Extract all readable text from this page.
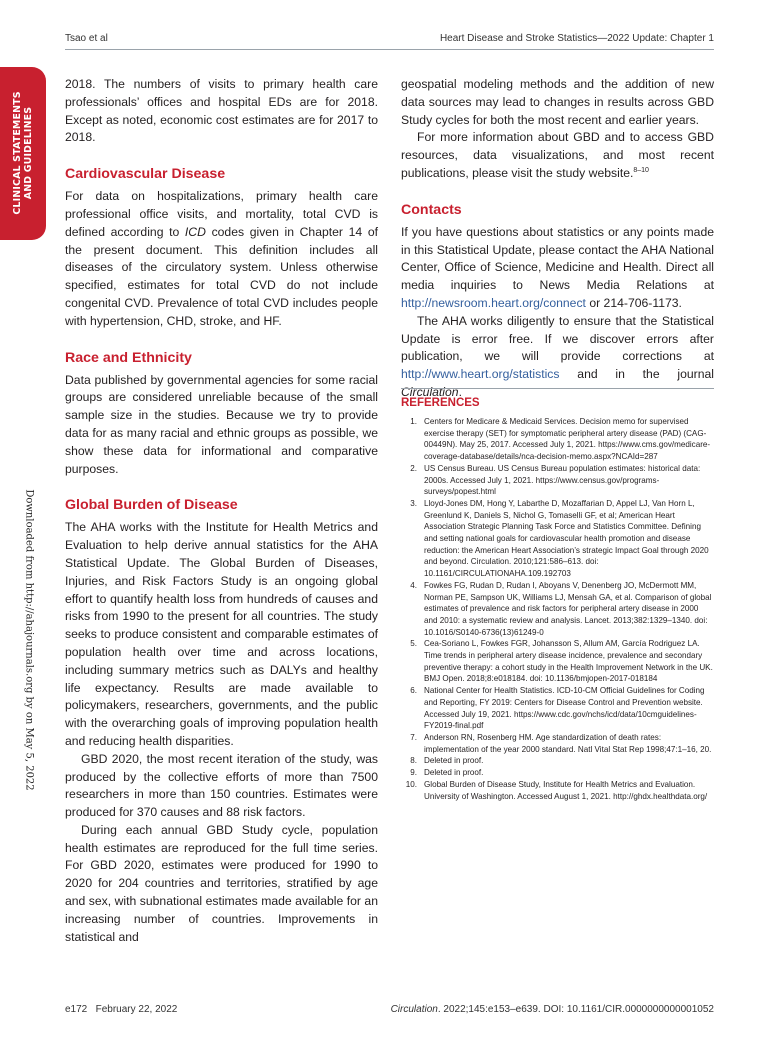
Tsao et al	Heart Disease and Stroke Statistics—2022 Update: Chapter 1
CLINICAL STATEMENTS AND GUIDELINES
Downloaded from http://ahajournals.org by on May 5, 2022

2018. The numbers of visits to primary health care professionals’ offices and hospital EDs are for 2018. Except as noted, economic cost estimates are for 2017 to 2018.

Cardiovascular Disease

For data on hospitalizations, primary health care professional office visits, and mortality, total CVD is defined according to ICD codes given in Chapter 14 of the present document. This definition includes all diseases of the circulatory system. Unless otherwise specified, estimates for total CVD do not include congenital CVD. Prevalence of total CVD includes people with hypertension, CHD, stroke, and HF.

Race and Ethnicity

Data published by governmental agencies for some racial groups are considered unreliable because of the small sample size in the studies. Because we try to provide data for as many racial and ethnic groups as possible, we show these data for informational and comparative purposes.

Global Burden of Disease

The AHA works with the Institute for Health Metrics and Evaluation to help derive annual statistics for the AHA Statistical Update. The Global Burden of Diseases, Injuries, and Risk Factors Study is an ongoing global effort to quantify health loss from hundreds of causes and risks from 1990 to the present for all countries. The study seeks to produce consistent and comparable estimates of population health over time and across locations, including summary metrics such as DALYs and healthy life expectancy. Results are made available to policymakers, researchers, governments, and the public with the overarching goals of improving population health and reducing health disparities.

GBD 2020, the most recent iteration of the study, was produced by the collective efforts of more than 7500 researchers in more than 150 countries. Estimates were produced for 370 causes and 88 risk factors.

During each annual GBD Study cycle, population health estimates are reproduced for the full time series. For GBD 2020, estimates were produced for 1990 to 2020 for 204 countries and territories, stratified by age and sex, with subnational estimates made available for an increasing number of countries. Improvements in statistical and

geospatial modeling methods and the addition of new data sources may lead to changes in results across GBD Study cycles for both the most recent and earlier years.

For more information about GBD and to access GBD resources, data visualizations, and most recent publications, please visit the study website.$^{8-10}$

Contacts

If you have questions about statistics or any points made in this Statistical Update, please contact the AHA National Center, Office of Science, Medicine and Health. Direct all media inquiries to News Media Relations at http://newsroom.heart.org/connect or 214-706-1173.

The AHA works diligently to ensure that the Statistical Update is error free. If we discover errors after publication, we will provide corrections at http://www.heart.org/statistics and in the journal Circulation.

REFERENCES
1. Centers for Medicare & Medicaid Services. Decision memo for supervised exercise therapy (SET) for symptomatic peripheral artery disease (PAD) (CAG-00449N). May 25, 2017. Accessed July 1, 2021. https://www.cms.gov/medicare-coverage-database/details/nca-decision-memo.aspx?NCAId=287
2. US Census Bureau. US Census Bureau population estimates: historical data: 2000s. Accessed July 1, 2021. https://www.census.gov/programs-surveys/popest.html
3. Lloyd-Jones DM, Hong Y, Labarthe D, Mozaffarian D, Appel LJ, Van Horn L, Greenlund K, Daniels S, Nichol G, Tomaselli GF, et al; American Heart Association Strategic Planning Task Force and Statistics Committee. Defining and setting national goals for cardiovascular health promotion and disease reduction: the American Heart Association’s strategic Impact Goal through 2020 and beyond. Circulation. 2010;121:586–613. doi: 10.1161/CIRCULATIONAHA.109.192703
4. Fowkes FG, Rudan D, Rudan I, Aboyans V, Denenberg JO, McDermott MM, Norman PE, Sampson UK, Williams LJ, Mensah GA, et al. Comparison of global estimates of prevalence and risk factors for peripheral artery disease in 2000 and 2010: a systematic review and analysis. Lancet. 2013;382:1329–1340. doi: 10.1016/S0140-6736(13)61249-0
5. Cea-Soriano L, Fowkes FGR, Johansson S, Allum AM, García Rodriguez LA. Time trends in peripheral artery disease incidence, prevalence and secondary preventive therapy: a cohort study in the Health Improvement Network in the UK. BMJ Open. 2018;8:e018184. doi: 10.1136/bmjopen-2017-018184
6. National Center for Health Statistics. ICD-10-CM Official Guidelines for Coding and Reporting, FY 2019: Centers for Disease Control and Prevention website. Accessed July 19, 2021. https://www.cdc.gov/nchs/icd/data/10cmguidelines-FY2019-final.pdf
7. Anderson RN, Rosenberg HM. Age standardization of death rates: implementation of the year 2000 standard. Natl Vital Stat Rep 1998;47:1–16, 20.
8. Deleted in proof.
9. Deleted in proof.
10. Global Burden of Disease Study, Institute for Health Metrics and Evaluation. University of Washington. Accessed August 1, 2021. http://ghdx.healthdata.org/
e172 February 22, 2022	Circulation. 2022;145:e153–e639. DOI: 10.1161/CIR.0000000000001052
